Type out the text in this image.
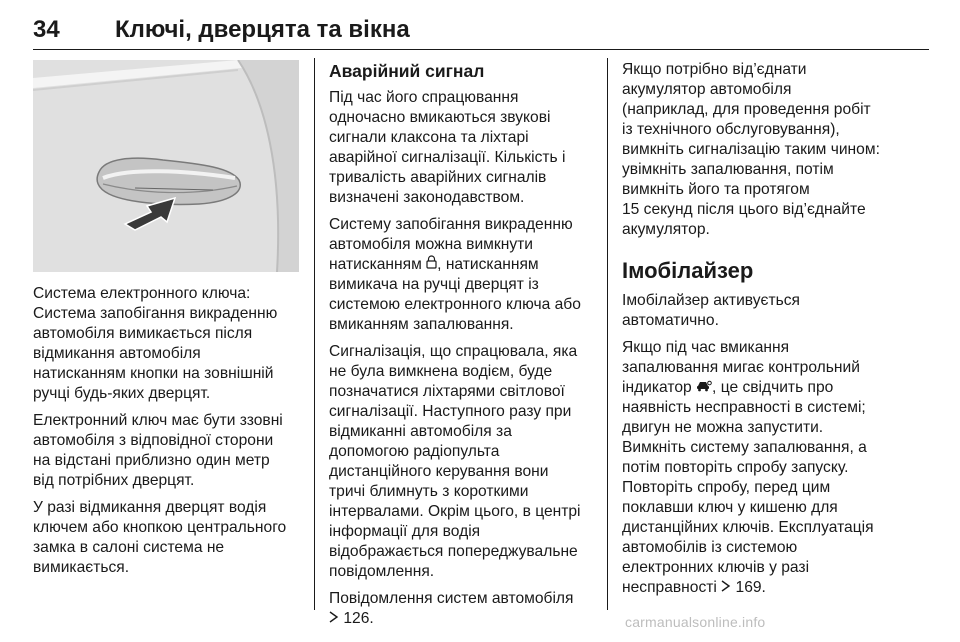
34 Ключі, дверцята та вікна

Система електронного ключа:
Система запобігання викраденню
автомобіля вимикається після
відмикання автомобіля
натисканням кнопки на зовнішній
ручці будь-яких дверцят.

Електронний ключ має бути ззовні
автомобіля з відповідної сторони
на відстані приблизно один метр
від потрібних дверцят.

У разі відмикання дверцят водія
ключем або кнопкою центрального
замка в салоні система не
вимикається.

Аварійний сигнал

Під час його спрацювання
одночасно вмикаються звукові
сигнали клаксона та ліхтарі
аварійної сигналізації. Кількість і
тривалість аварійних сигналів
визначені законодавством.

Систему запобігання викраденню
автомобіля можна вимкнути
натисканням , натисканням
вимикача на ручці дверцят із
системою електронного ключа або
вмиканням запалювання.

Сигналізація, що спрацювала, яка
не була вимкнена водієм, буде
позначатися ліхтарями світлової
сигналізації. Наступного разу при
відмиканні автомобіля за
допомогою радіопульта
дистанційного керування вони
тричі блимнуть з короткими
інтервалами. Окрім цього, в центрі
інформації для водія
відображається попереджувальне
повідомлення.

Повідомлення систем автомобіля
126.

Якщо потрібно від’єднати
акумулятор автомобіля
(наприклад, для проведення робіт
із технічного обслуговування),
вимкніть сигналізацію таким чином:
увімкніть запалювання, потім
вимкніть його та протягом
15 секунд після цього від’єднайте
акумулятор.

Імобілайзер

Імобілайзер активується
автоматично.

Якщо під час вмикання
запалювання мигає контрольний
індикатор , це свідчить про
наявність несправності в системі;
двигун не можна запустити.
Вимкніть систему запалювання, а
потім повторіть спробу запуску.
Повторіть спробу, перед цим
поклавши ключ у кишеню для
дистанційних ключів. Експлуатація
автомобілів із системою
електронних ключів у разі
несправності  169.

carmanualsonline.info
